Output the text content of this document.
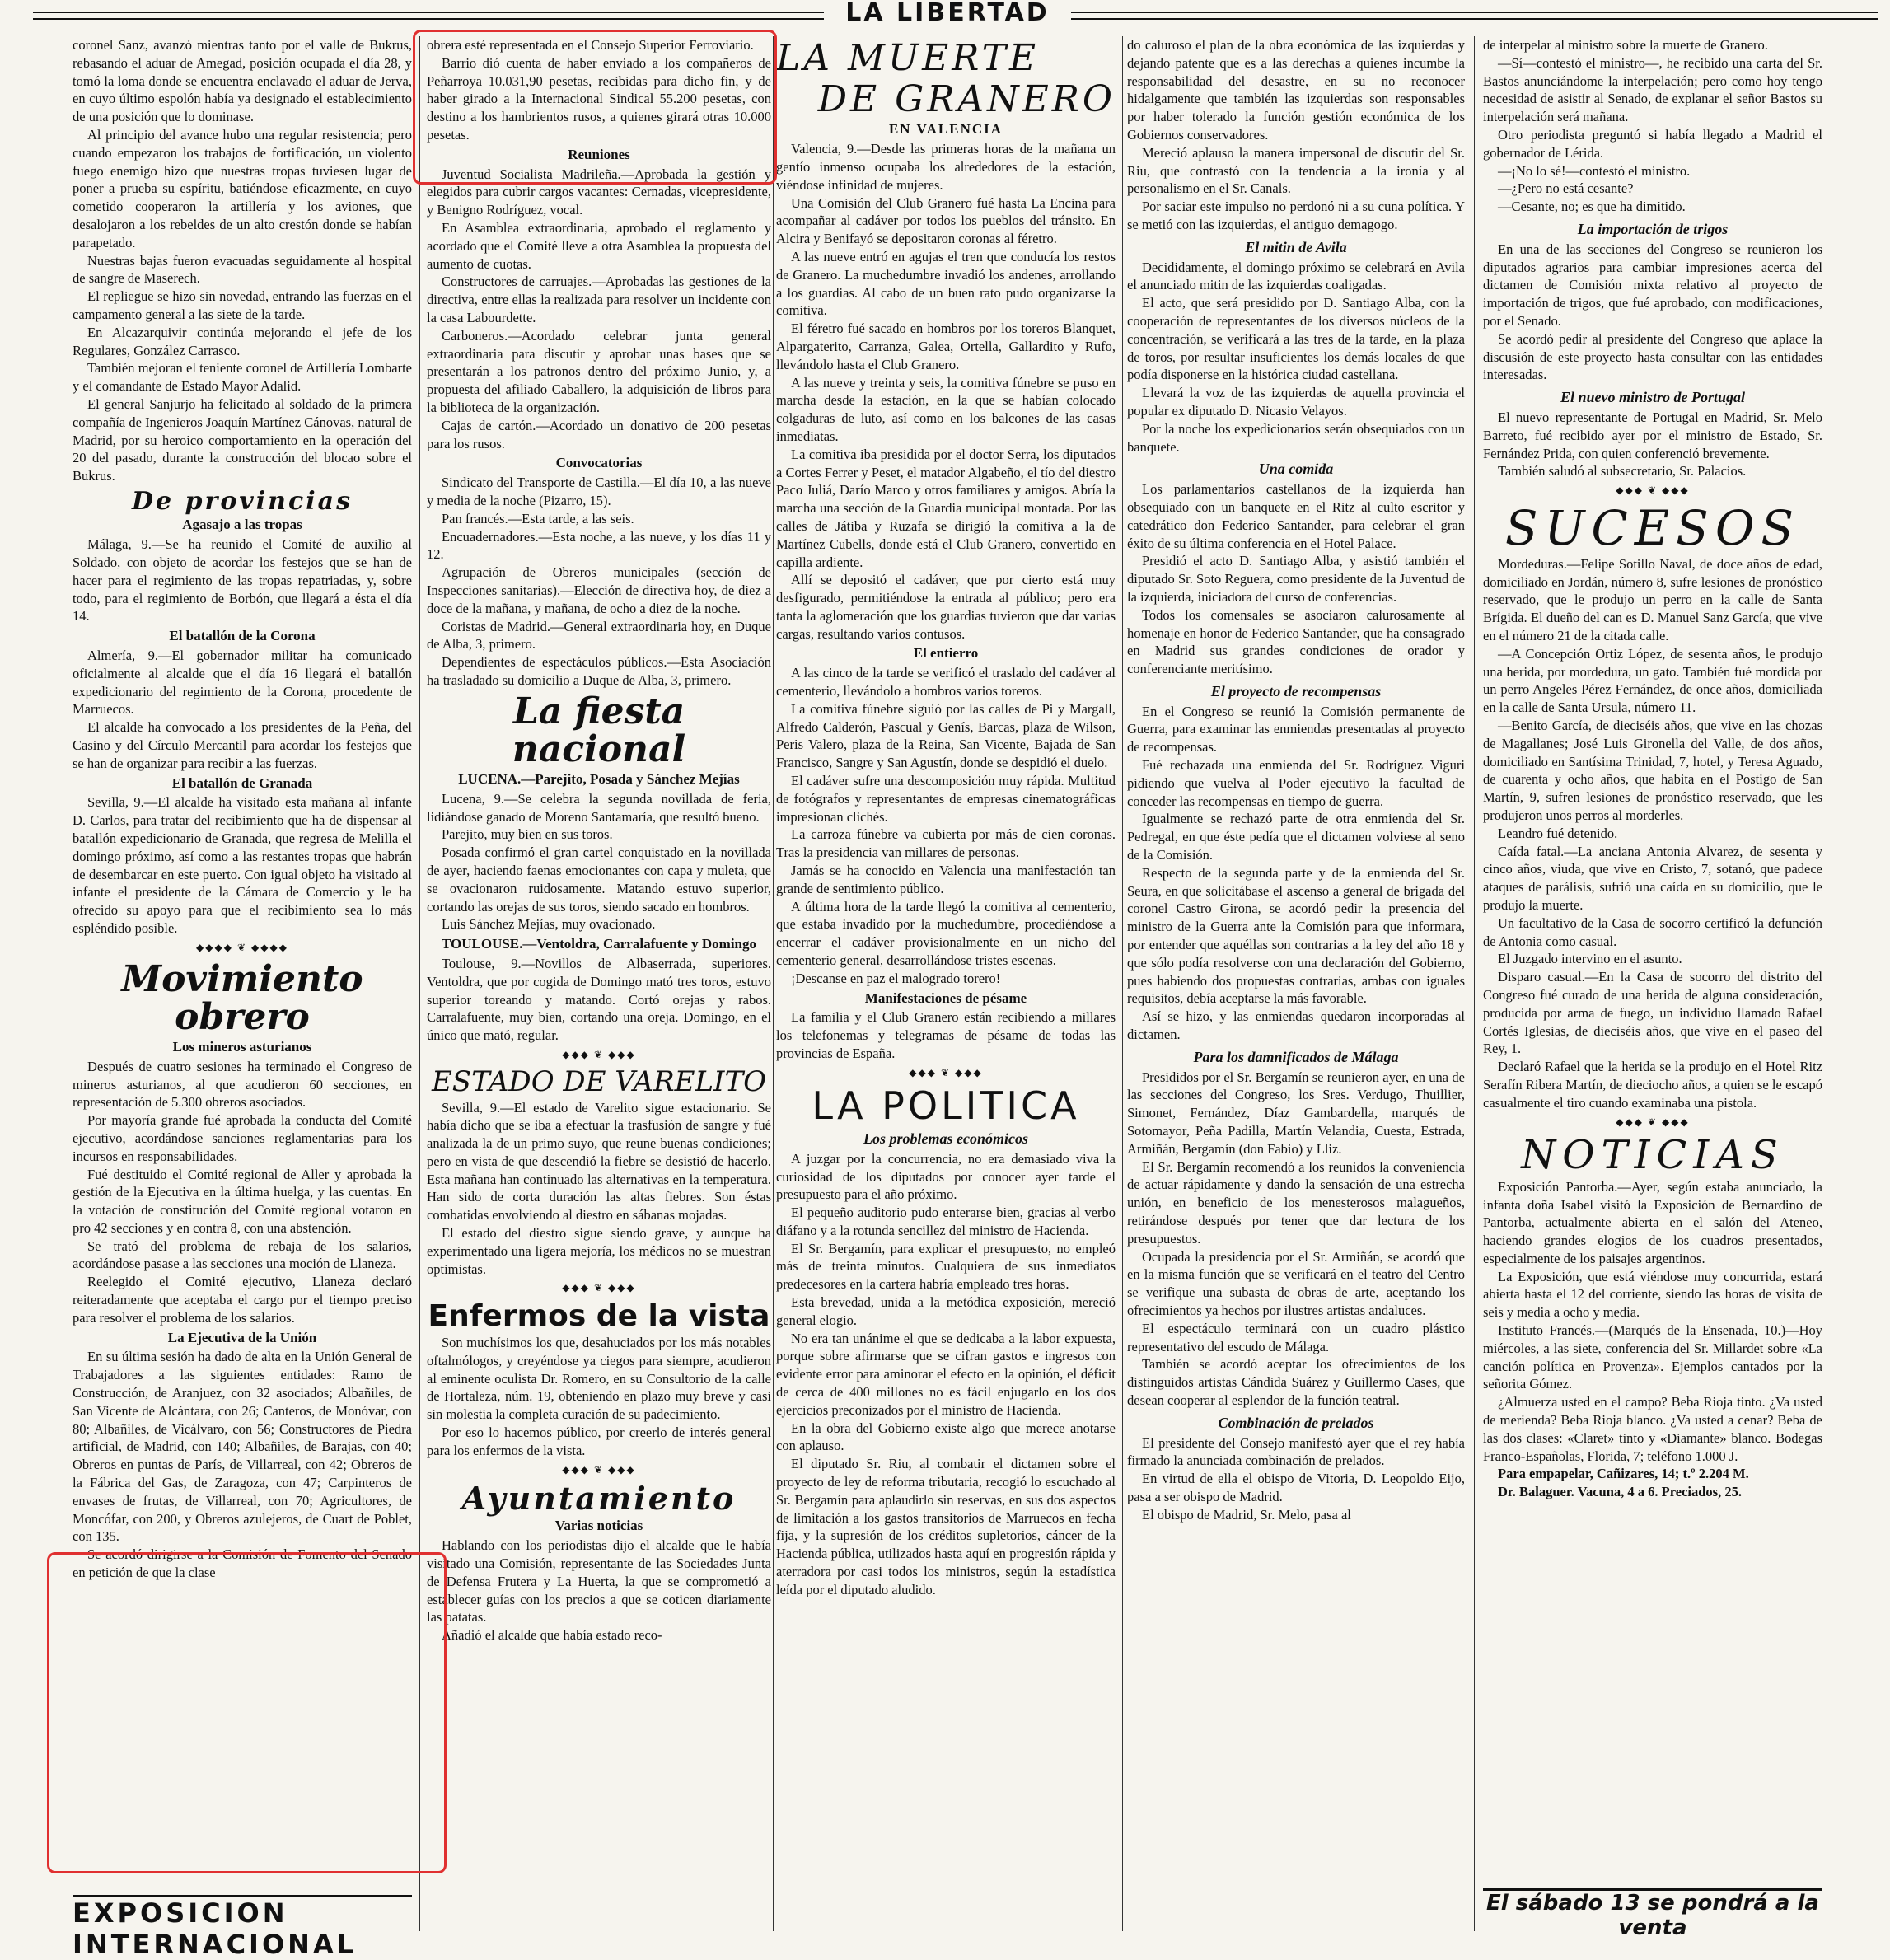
LA LIBERTAD

coronel Sanz, avanzó mientras tanto por el valle de Bukrus, rebasando el aduar de Amegad, posición ocupada el día 28, y tomó la loma donde se encuentra enclavado el aduar de Jerva, en cuyo último espolón había ya designado el establecimiento de una posición que lo dominase.

Al principio del avance hubo una regular resistencia; pero cuando empezaron los trabajos de fortificación, un violento fuego enemigo hizo que nuestras tropas tuviesen lugar de poner a prueba su espíritu, batiéndose eficazmente, en cuyo cometido cooperaron la artillería y los aviones, que desalojaron a los rebeldes de un alto crestón donde se habían parapetado.

Nuestras bajas fueron evacuadas seguidamente al hospital de sangre de Maserech.

El repliegue se hizo sin novedad, entrando las fuerzas en el campamento general a las siete de la tarde.

En Alcazarquivir continúa mejorando el jefe de los Regulares, González Carrasco.

También mejoran el teniente coronel de Artillería Lombarte y el comandante de Estado Mayor Adalid.

El general Sanjurjo ha felicitado al soldado de la primera compañía de Ingenieros Joaquín Martínez Cánovas, natural de Madrid, por su heroico comportamiento en la operación del 20 del pasado, durante la construcción del blocao sobre el Bukrus.

De provincias
Agasajo a las tropas

Málaga, 9.—Se ha reunido el Comité de auxilio al Soldado, con objeto de acordar los festejos que se han de hacer para el regimiento de las tropas repatriadas, y, sobre todo, para el regimiento de Borbón, que llegará a ésta el día 14.

El batallón de la Corona

Almería, 9.—El gobernador militar ha comunicado oficialmente al alcalde que el día 16 llegará el batallón expedicionario del regimiento de la Corona, procedente de Marruecos.

El alcalde ha convocado a los presidentes de la Peña, del Casino y del Círculo Mercantil para acordar los festejos que se han de organizar para recibir a las fuerzas.

El batallón de Granada

Sevilla, 9.—El alcalde ha visitado esta mañana al infante D. Carlos, para tratar del recibimiento que ha de dispensar al batallón expedicionario de Granada, que regresa de Melilla el domingo próximo, así como a las restantes tropas que habrán de desembarcar en este puerto. Con igual objeto ha visitado al infante el presidente de la Cámara de Comercio y le ha ofrecido su apoyo para que el recibimiento sea lo más espléndido posible.

◆◆◆◆ ❦ ◆◆◆◆
Movimiento obrero
Los mineros asturianos

Después de cuatro sesiones ha terminado el Congreso de mineros asturianos, al que acudieron 60 secciones, en representación de 5.300 obreros asociados.

Por mayoría grande fué aprobada la conducta del Comité ejecutivo, acordándose sanciones reglamentarias para los incursos en responsabilidades.

Fué destituido el Comité regional de Aller y aprobada la gestión de la Ejecutiva en la última huelga, y las cuentas. En la votación de constitución del Comité regional votaron en pro 42 secciones y en contra 8, con una abstención.

Se trató del problema de rebaja de los salarios, acordándose pasase a las secciones una moción de Llaneza.

Reelegido el Comité ejecutivo, Llaneza declaró reiteradamente que aceptaba el cargo por el tiempo preciso para resolver el problema de los salarios.

La Ejecutiva de la Unión

En su última sesión ha dado de alta en la Unión General de Trabajadores a las siguientes entidades: Ramo de Construcción, de Aranjuez, con 32 asociados; Albañiles, de San Vicente de Alcántara, con 26; Canteros, de Monóvar, con 80; Albañiles, de Vicálvaro, con 56; Constructores de Piedra artificial, de Madrid, con 140; Albañiles, de Barajas, con 40; Obreros en puntas de París, de Villarreal, con 42; Obreros de la Fábrica del Gas, de Zaragoza, con 47; Carpinteros de envases de frutas, de Villarreal, con 70; Agricultores, de Moncófar, con 200, y Obreros azulejeros, de Cuart de Poblet, con 135.

Se acordó dirigirse a la Comisión de Fomento del Senado en petición de que la clase

EXPOSICION INTERNACIONAL

obrera esté representada en el Consejo Superior Ferroviario.

Barrio dió cuenta de haber enviado a los compañeros de Peñarroya 10.031,90 pesetas, recibidas para dicho fin, y de haber girado a la Internacional Sindical 55.200 pesetas, con destino a los hambrientos rusos, a quienes girará otras 10.000 pesetas.

Reuniones

Juventud Socialista Madrileña.—Aprobada la gestión y elegidos para cubrir cargos vacantes: Cernadas, vicepresidente, y Benigno Rodríguez, vocal.

En Asamblea extraordinaria, aprobado el reglamento y acordado que el Comité lleve a otra Asamblea la propuesta del aumento de cuotas.

Constructores de carruajes.—Aprobadas las gestiones de la directiva, entre ellas la realizada para resolver un incidente con la casa Labourdette.

Carboneros.—Acordado celebrar junta general extraordinaria para discutir y aprobar unas bases que se presentarán a los patronos dentro del próximo Junio, y, a propuesta del afiliado Caballero, la adquisición de libros para la biblioteca de la organización.

Cajas de cartón.—Acordado un donativo de 200 pesetas para los rusos.

Convocatorias

Sindicato del Transporte de Castilla.—El día 10, a las nueve y media de la noche (Pizarro, 15).

Pan francés.—Esta tarde, a las seis.

Encuadernadores.—Esta noche, a las nueve, y los días 11 y 12.

Agrupación de Obreros municipales (sección de Inspecciones sanitarias).—Elección de directiva hoy, de diez a doce de la mañana, y mañana, de ocho a diez de la noche.

Coristas de Madrid.—General extraordinaria hoy, en Duque de Alba, 3, primero.

Dependientes de espectáculos públicos.—Esta Asociación ha trasladado su domicilio a Duque de Alba, 3, primero.

La fiesta nacional
LUCENA.—Parejito, Posada y Sánchez Mejías

Lucena, 9.—Se celebra la segunda novillada de feria, lidiándose ganado de Moreno Santamaría, que resultó bueno.

Parejito, muy bien en sus toros.

Posada confirmó el gran cartel conquistado en la novillada de ayer, haciendo faenas emocionantes con capa y muleta, que se ovacionaron ruidosamente. Matando estuvo superior, cortando las orejas de sus toros, siendo sacado en hombros.

Luis Sánchez Mejías, muy ovacionado.

TOULOUSE.—Ventoldra, Carralafuente y Domingo

Toulouse, 9.—Novillos de Albaserrada, superiores. Ventoldra, que por cogida de Domingo mató tres toros, estuvo superior toreando y matando. Cortó orejas y rabos. Carralafuente, muy bien, cortando una oreja. Domingo, en el único que mató, regular.

◆◆◆ ❦ ◆◆◆
ESTADO DE VARELITO

Sevilla, 9.—El estado de Varelito sigue estacionario. Se había dicho que se iba a efectuar la trasfusión de sangre y fué analizada la de un primo suyo, que reune buenas condiciones; pero en vista de que descendió la fiebre se desistió de hacerlo. Esta mañana han continuado las alternativas en la temperatura. Han sido de corta duración las altas fiebres. Son éstas combatidas envolviendo al diestro en sábanas mojadas.

El estado del diestro sigue siendo grave, y aunque ha experimentado una ligera mejoría, los médicos no se muestran optimistas.

◆◆◆ ❦ ◆◆◆
Enfermos de la vista

Son muchísimos los que, desahuciados por los más notables oftalmólogos, y creyéndose ya ciegos para siempre, acudieron al eminente oculista Dr. Romero, en su Consultorio de la calle de Hortaleza, núm. 19, obteniendo en plazo muy breve y casi sin molestia la completa curación de su padecimiento.

Por eso lo hacemos público, por creerlo de interés general para los enfermos de la vista.

◆◆◆ ❦ ◆◆◆
Ayuntamiento
Varias noticias

Hablando con los periodistas dijo el alcalde que le había visitado una Comisión, representante de las Sociedades Junta de Defensa Frutera y La Huerta, la que se comprometió a establecer guías con los precios a que se coticen diariamente las patatas.

Añadió el alcalde que había estado reco-

LA MUERTE
DE GRANERO
EN VALENCIA

Valencia, 9.—Desde las primeras horas de la mañana un gentío inmenso ocupaba los alrededores de la estación, viéndose infinidad de mujeres.

Una Comisión del Club Granero fué hasta La Encina para acompañar al cadáver por todos los pueblos del tránsito. En Alcira y Benifayó se depositaron coronas al féretro.

A las nueve entró en agujas el tren que conducía los restos de Granero. La muchedumbre invadió los andenes, arrollando a los guardias. Al cabo de un buen rato pudo organizarse la comitiva.

El féretro fué sacado en hombros por los toreros Blanquet, Alpargaterito, Carranza, Galea, Ortella, Gallardito y Rufo, llevándolo hasta el Club Granero.

A las nueve y treinta y seis, la comitiva fúnebre se puso en marcha desde la estación, en la que se habían colocado colgaduras de luto, así como en los balcones de las casas inmediatas.

La comitiva iba presidida por el doctor Serra, los diputados a Cortes Ferrer y Peset, el matador Algabeño, el tío del diestro Paco Juliá, Darío Marco y otros familiares y amigos. Abría la marcha una sección de la Guardia municipal montada. Por las calles de Játiba y Ruzafa se dirigió la comitiva a la de Martínez Cubells, donde está el Club Granero, convertido en capilla ardiente.

Allí se depositó el cadáver, que por cierto está muy desfigurado, permitiéndose la entrada al público; pero era tanta la aglomeración que los guardias tuvieron que dar varias cargas, resultando varios contusos.

El entierro

A las cinco de la tarde se verificó el traslado del cadáver al cementerio, llevándolo a hombros varios toreros.

La comitiva fúnebre siguió por las calles de Pi y Margall, Alfredo Calderón, Pascual y Genís, Barcas, plaza de Wilson, Peris Valero, plaza de la Reina, San Vicente, Bajada de San Francisco, Sangre y San Agustín, donde se despidió el duelo.

El cadáver sufre una descomposición muy rápida. Multitud de fotógrafos y representantes de empresas cinematográficas impresionan clichés.

La carroza fúnebre va cubierta por más de cien coronas. Tras la presidencia van millares de personas.

Jamás se ha conocido en Valencia una manifestación tan grande de sentimiento público.

A última hora de la tarde llegó la comitiva al cementerio, que estaba invadido por la muchedumbre, procediéndose a encerrar el cadáver provisionalmente en un nicho del cementerio general, desarrollándose tristes escenas.

¡Descanse en paz el malogrado torero!

Manifestaciones de pésame

La familia y el Club Granero están recibiendo a millares los telefonemas y telegramas de pésame de todas las provincias de España.

◆◆◆ ❦ ◆◆◆
LA POLITICA
Los problemas económicos

A juzgar por la concurrencia, no era demasiado viva la curiosidad de los diputados por conocer ayer tarde el presupuesto para el año próximo.

El pequeño auditorio pudo enterarse bien, gracias al verbo diáfano y a la rotunda sencillez del ministro de Hacienda.

El Sr. Bergamín, para explicar el presupuesto, no empleó más de treinta minutos. Cualquiera de sus inmediatos predecesores en la cartera habría empleado tres horas.

Esta brevedad, unida a la metódica exposición, mereció general elogio.

No era tan unánime el que se dedicaba a la labor expuesta, porque sobre afirmarse que se cifran gastos e ingresos con evidente error para aminorar el efecto en la opinión, el déficit de cerca de 400 millones no es fácil enjugarlo en los dos ejercicios preconizados por el ministro de Hacienda.

En la obra del Gobierno existe algo que merece anotarse con aplauso.

El diputado Sr. Riu, al combatir el dictamen sobre el proyecto de ley de reforma tributaria, recogió lo escuchado al Sr. Bergamín para aplaudirlo sin reservas, en sus dos aspectos de limitación a los gastos transitorios de Marruecos en fecha fija, y la supresión de los créditos supletorios, cáncer de la Hacienda pública, utilizados hasta aquí en progresión rápida y aterradora por casi todos los ministros, según la estadística leída por el diputado aludido.

do caluroso el plan de la obra económica de las izquierdas y dejando patente que es a las derechas a quienes incumbe la responsabilidad del desastre, en su no reconocer hidalgamente que también las izquierdas son responsables por haber tolerado la función gestión económica de los Gobiernos conservadores.

Mereció aplauso la manera impersonal de discutir del Sr. Riu, que contrastó con la tendencia a la ironía y al personalismo en el Sr. Canals.

Por saciar este impulso no perdonó ni a su cuna política. Y se metió con las izquierdas, el antiguo demagogo.

El mitin de Avila

Decididamente, el domingo próximo se celebrará en Avila el anunciado mitin de las izquierdas coaligadas.

El acto, que será presidido por D. Santiago Alba, con la cooperación de representantes de los diversos núcleos de la concentración, se verificará a las tres de la tarde, en la plaza de toros, por resultar insuficientes los demás locales de que podía disponerse en la histórica ciudad castellana.

Llevará la voz de las izquierdas de aquella provincia el popular ex diputado D. Nicasio Velayos.

Por la noche los expedicionarios serán obsequiados con un banquete.

Una comida

Los parlamentarios castellanos de la izquierda han obsequiado con un banquete en el Ritz al culto escritor y catedrático don Federico Santander, para celebrar el gran éxito de su última conferencia en el Hotel Palace.

Presidió el acto D. Santiago Alba, y asistió también el diputado Sr. Soto Reguera, como presidente de la Juventud de la izquierda, iniciadora del curso de conferencias.

Todos los comensales se asociaron calurosamente al homenaje en honor de Federico Santander, que ha consagrado en Madrid sus grandes condiciones de orador y conferenciante meritísimo.

El proyecto de recompensas

En el Congreso se reunió la Comisión permanente de Guerra, para examinar las enmiendas presentadas al proyecto de recompensas.

Fué rechazada una enmienda del Sr. Rodríguez Viguri pidiendo que vuelva al Poder ejecutivo la facultad de conceder las recompensas en tiempo de guerra.

Igualmente se rechazó parte de otra enmienda del Sr. Pedregal, en que éste pedía que el dictamen volviese al seno de la Comisión.

Respecto de la segunda parte y de la enmienda del Sr. Seura, en que solicitábase el ascenso a general de brigada del coronel Castro Girona, se acordó pedir la presencia del ministro de la Guerra ante la Comisión para que informara, por entender que aquéllas son contrarias a la ley del año 18 y que sólo podía resolverse con una declaración del Gobierno, pues habiendo dos propuestas contrarias, ambas con iguales requisitos, debía aceptarse la más favorable.

Así se hizo, y las enmiendas quedaron incorporadas al dictamen.

Para los damnificados de Málaga

Presididos por el Sr. Bergamín se reunieron ayer, en una de las secciones del Congreso, los Sres. Verdugo, Thuillier, Simonet, Fernández, Díaz Gambardella, marqués de Sotomayor, Peña Padilla, Martín Velandia, Cuesta, Estrada, Armiñán, Bergamín (don Fabio) y Lliz.

El Sr. Bergamín recomendó a los reunidos la conveniencia de actuar rápidamente y dando la sensación de una estrecha unión, en beneficio de los menesterosos malagueños, retirándose después por tener que dar lectura de los presupuestos.

Ocupada la presidencia por el Sr. Armiñán, se acordó que en la misma función que se verificará en el teatro del Centro se verifique una subasta de obras de arte, aceptando los ofrecimientos ya hechos por ilustres artistas andaluces.

El espectáculo terminará con un cuadro plástico representativo del escudo de Málaga.

También se acordó aceptar los ofrecimientos de los distinguidos artistas Cándida Suárez y Guillermo Cases, que desean cooperar al esplendor de la función teatral.

Combinación de prelados

El presidente del Consejo manifestó ayer que el rey había firmado la anunciada combinación de prelados.

En virtud de ella el obispo de Vitoria, D. Leopoldo Eijo, pasa a ser obispo de Madrid.

El obispo de Madrid, Sr. Melo, pasa al

de interpelar al ministro sobre la muerte de Granero.

—Sí—contestó el ministro—, he recibido una carta del Sr. Bastos anunciándome la interpelación; pero como hoy tengo necesidad de asistir al Senado, de explanar el señor Bastos su interpelación será mañana.

Otro periodista preguntó si había llegado a Madrid el gobernador de Lérida.

—¡No lo sé!—contestó el ministro.

—¿Pero no está cesante?

—Cesante, no; es que ha dimitido.

La importación de trigos

En una de las secciones del Congreso se reunieron los diputados agrarios para cambiar impresiones acerca del dictamen de Comisión mixta relativo al proyecto de importación de trigos, que fué aprobado, con modificaciones, por el Senado.

Se acordó pedir al presidente del Congreso que aplace la discusión de este proyecto hasta consultar con las entidades interesadas.

El nuevo ministro de Portugal

El nuevo representante de Portugal en Madrid, Sr. Melo Barreto, fué recibido ayer por el ministro de Estado, Sr. Fernández Prida, con quien conferenció brevemente.

También saludó al subsecretario, Sr. Palacios.

◆◆◆ ❦ ◆◆◆
SUCESOS

Mordeduras.—Felipe Sotillo Naval, de doce años de edad, domiciliado en Jordán, número 8, sufre lesiones de pronóstico reservado, que le produjo un perro en la calle de Santa Brígida. El dueño del can es D. Manuel Sanz García, que vive en el número 21 de la citada calle.

—A Concepción Ortiz López, de sesenta años, le produjo una herida, por mordedura, un gato. También fué mordida por un perro Angeles Pérez Fernández, de once años, domiciliada en la calle de Santa Ursula, número 11.

—Benito García, de dieciséis años, que vive en las chozas de Magallanes; José Luis Gironella del Valle, de dos años, domiciliado en Santísima Trinidad, 7, hotel, y Teresa Aguado, de cuarenta y ocho años, que habita en el Postigo de San Martín, 9, sufren lesiones de pronóstico reservado, que les produjeron unos perros al morderles.

Leandro fué detenido.

Caída fatal.—La anciana Antonia Alvarez, de sesenta y cinco años, viuda, que vive en Cristo, 7, sotanó, que padece ataques de parálisis, sufrió una caída en su domicilio, que le produjo la muerte.

Un facultativo de la Casa de socorro certificó la defunción de Antonia como casual.

El Juzgado intervino en el asunto.

Disparo casual.—En la Casa de socorro del distrito del Congreso fué curado de una herida de alguna consideración, producida por arma de fuego, un individuo llamado Rafael Cortés Iglesias, de dieciséis años, que vive en el paseo del Rey, 1.

Declaró Rafael que la herida se la produjo en el Hotel Ritz Serafín Ribera Martín, de dieciocho años, a quien se le escapó casualmente el tiro cuando examinaba una pistola.

◆◆◆ ❦ ◆◆◆
NOTICIAS

Exposición Pantorba.—Ayer, según estaba anunciado, la infanta doña Isabel visitó la Exposición de Bernardino de Pantorba, actualmente abierta en el salón del Ateneo, haciendo grandes elogios de los cuadros presentados, especialmente de los paisajes argentinos.

La Exposición, que está viéndose muy concurrida, estará abierta hasta el 12 del corriente, siendo las horas de visita de seis y media a ocho y media.

Instituto Francés.—(Marqués de la Ensenada, 10.)—Hoy miércoles, a las siete, conferencia del Sr. Millardet sobre «La canción política en Provenza». Ejemplos cantados por la señorita Gómez.

¿Almuerza usted en el campo? Beba Rioja tinto. ¿Va usted de merienda? Beba Rioja blanco. ¿Va usted a cenar? Beba de las dos clases: «Claret» tinto y «Diamante» blanco. Bodegas Franco-Españolas, Florida, 7; teléfono 1.000 J.

Para empapelar, Cañizares, 14; t.º 2.204 M.

Dr. Balaguer. Vacuna, 4 a 6. Preciados, 25.

El sábado 13 se pondrá a la venta
